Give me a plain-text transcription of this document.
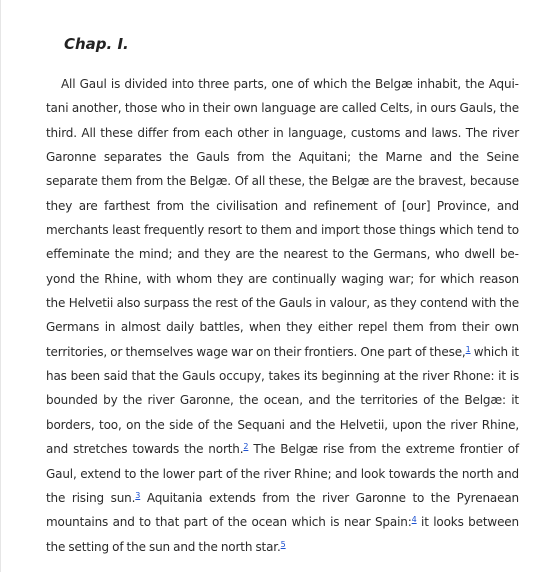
Chap. I.

All Gaul is divided into three parts, one of which the Belgæ inhabit, the Aquitani another, those who in their own language are called Celts, in ours Gauls, the third. All these differ from each other in language, customs and laws. The river Garonne separates the Gauls from the Aquitani; the Marne and the Seine separate them from the Belgæ. Of all these, the Belgæ are the bravest, because they are farthest from the civilisation and refinement of [our] Province, and merchants least frequently resort to them and import those things which tend to effeminate the mind; and they are the nearest to the Germans, who dwell beyond the Rhine, with whom they are continually waging war; for which reason the Helvetii also surpass the rest of the Gauls in valour, as they contend with the Germans in almost daily battles, when they either repel them from their own territories, or themselves wage war on their frontiers. One part of these,$^1$ which it has been said that the Gauls occupy, takes its beginning at the river Rhone: it is bounded by the river Garonne, the ocean, and the territories of the Belgæ: it borders, too, on the side of the Sequani and the Helvetii, upon the river Rhine, and stretches towards the north.$^2$ The Belgæ rise from the extreme frontier of Gaul, extend to the lower part of the river Rhine; and look towards the north and the rising sun.$^3$ Aquitania extends from the river Garonne to the Pyrenaean mountains and to that part of the ocean which is near Spain:$^4$ it looks between the setting of the sun and the north star.$^5$
